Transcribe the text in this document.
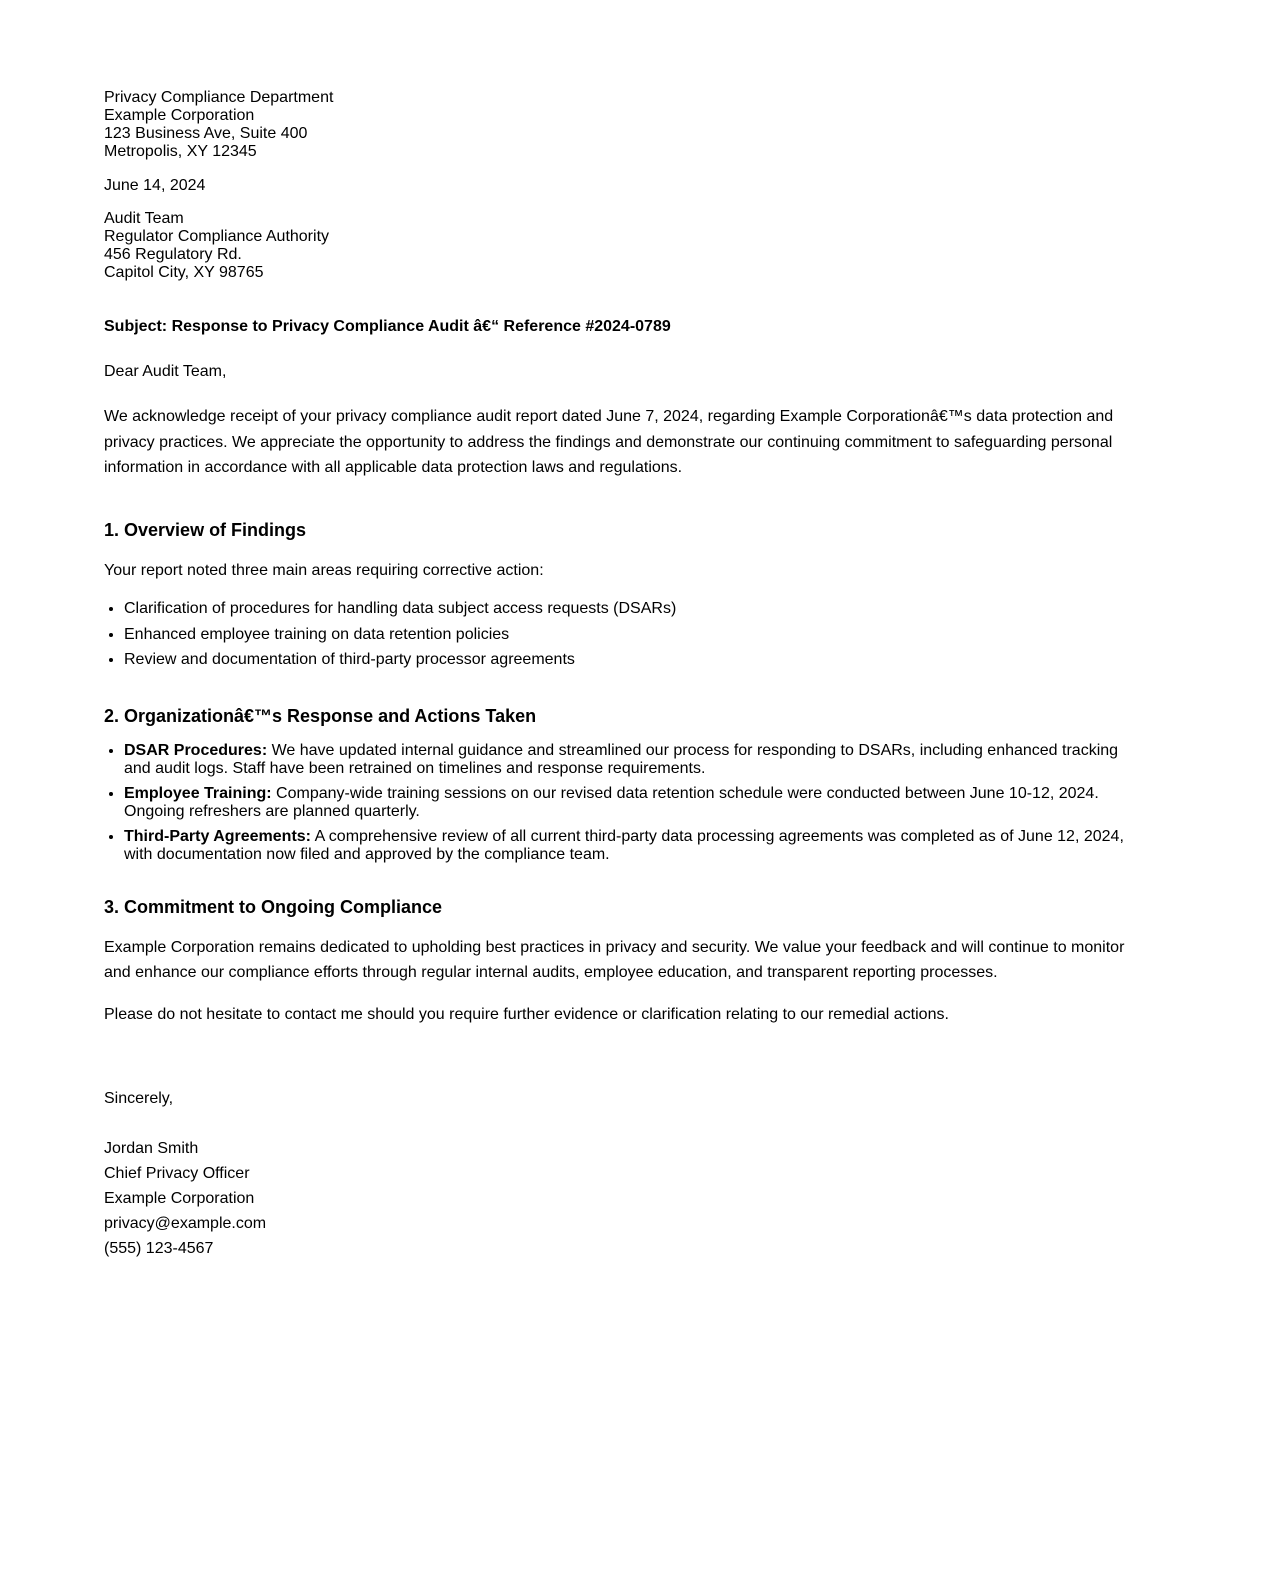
Privacy Compliance Department
Example Corporation
123 Business Ave, Suite 400
Metropolis, XY 12345
June 14, 2024
Audit Team
Regulator Compliance Authority
456 Regulatory Rd.
Capitol City, XY 98765
Subject: Response to Privacy Compliance Audit â€“ Reference #2024-0789
Dear Audit Team,

We acknowledge receipt of your privacy compliance audit report dated June 7, 2024, regarding Example Corporationâ€™s data protection and privacy practices. We appreciate the opportunity to address the findings and demonstrate our continuing commitment to safeguarding personal information in accordance with all applicable data protection laws and regulations.

1. Overview of Findings

Your report noted three main areas requiring corrective action:

• Clarification of procedures for handling data subject access requests (DSARs)
• Enhanced employee training on data retention policies
• Review and documentation of third-party processor agreements
2. Organizationâ€™s Response and Actions Taken
• DSAR Procedures: We have updated internal guidance and streamlined our process for responding to DSARs, including enhanced tracking and audit logs. Staff have been retrained on timelines and response requirements.
• Employee Training: Company-wide training sessions on our revised data retention schedule were conducted between June 10-12, 2024. Ongoing refreshers are planned quarterly.
• Third-Party Agreements: A comprehensive review of all current third-party data processing agreements was completed as of June 12, 2024, with documentation now filed and approved by the compliance team.
3. Commitment to Ongoing Compliance

Example Corporation remains dedicated to upholding best practices in privacy and security. We value your feedback and will continue to monitor and enhance our compliance efforts through regular internal audits, employee education, and transparent reporting processes.

Please do not hesitate to contact me should you require further evidence or clarification relating to our remedial actions.

Sincerely,
Jordan Smith
Chief Privacy Officer
Example Corporation
privacy@example.com
(555) 123-4567
